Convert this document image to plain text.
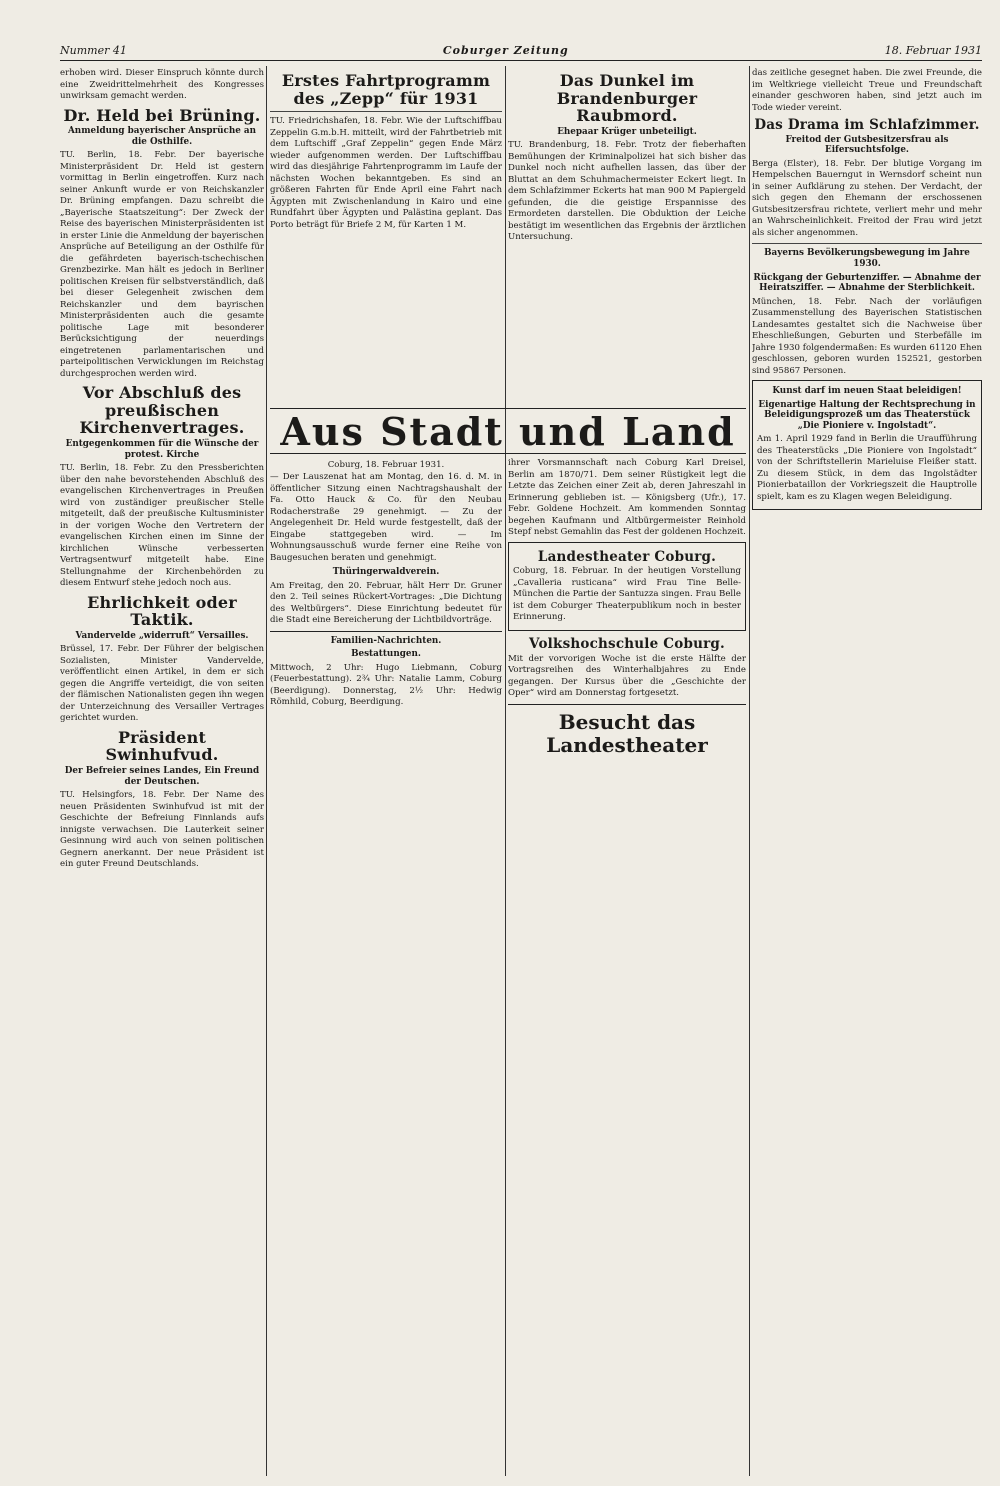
Nummer 41	Coburger Zeitung	18. Februar 1931

erhoben wird. Dieser Einspruch könnte durch eine Zweidrittelmehrheit des Kongresses unwirksam gemacht werden.

Dr. Held bei Brüning.
Anmeldung bayerischer Ansprüche an die Osthilfe.

TU. Berlin, 18. Febr. Der bayerische Ministerpräsident Dr. Held ist gestern vormittag in Berlin eingetroffen. Kurz nach seiner Ankunft wurde er von Reichskanzler Dr. Brüning empfangen. Dazu schreibt die „Bayerische Staatszeitung“: Der Zweck der Reise des bayerischen Ministerpräsidenten ist in erster Linie die Anmeldung der bayerischen Ansprüche auf Beteiligung an der Osthilfe für die gefährdeten bayerisch-tschechischen Grenzbezirke. Man hält es jedoch in Berliner politischen Kreisen für selbstverständlich, daß bei dieser Gelegenheit zwischen dem Reichskanzler und dem bayrischen Ministerpräsidenten auch die gesamte politische Lage mit besonderer Berücksichtigung der neuerdings eingetretenen parlamentarischen und parteipolitischen Verwicklungen im Reichstag durchgesprochen werden wird.

Vor Abschluß des preußischen Kirchenvertrages.
Entgegenkommen für die Wünsche der protest. Kirche

TU. Berlin, 18. Febr. Zu den Pressberichten über den nahe bevorstehenden Abschluß des evangelischen Kirchenvertrages in Preußen wird von zuständiger preußischer Stelle mitgeteilt, daß der preußische Kultusminister in der vorigen Woche den Vertretern der evangelischen Kirchen einen im Sinne der kirchlichen Wünsche verbesserten Vertragsentwurf mitgeteilt habe. Eine Stellungnahme der Kirchenbehörden zu diesem Entwurf stehe jedoch noch aus.

Ehrlichkeit oder Taktik.
Vandervelde „widerruft“ Versailles.

Brüssel, 17. Febr. Der Führer der belgischen Sozialisten, Minister Vandervelde, veröffentlicht einen Artikel, in dem er sich gegen die Angriffe verteidigt, die von seiten der flämischen Nationalisten gegen ihn wegen der Unterzeichnung des Versailler Vertrages gerichtet wurden.

Präsident Swinhufvud.
Der Befreier seines Landes, Ein Freund der Deutschen.

TU. Helsingfors, 18. Febr. Der Name des neuen Präsidenten Swinhufvud ist mit der Geschichte der Befreiung Finnlands aufs innigste verwachsen. Die Lauterkeit seiner Gesinnung wird auch von seinen politischen Gegnern anerkannt. Der neue Präsident ist ein guter Freund Deutschlands.

Erstes Fahrtprogramm des „Zepp“ für 1931

TU. Friedrichshafen, 18. Febr. Wie der Luftschiffbau Zeppelin G.m.b.H. mitteilt, wird der Fahrtbetrieb mit dem Luftschiff „Graf Zeppelin“ gegen Ende März wieder aufgenommen werden. Der Luftschiffbau wird das diesjährige Fahrtenprogramm im Laufe der nächsten Wochen bekanntgeben. Es sind an größeren Fahrten für Ende April eine Fahrt nach Ägypten mit Zwischenlandung in Kairo und eine Rundfahrt über Ägypten und Palästina geplant. Das Porto beträgt für Briefe 2 M, für Karten 1 M.

Das Dunkel im Brandenburger Raubmord.
Ehepaar Krüger unbeteiligt.

TU. Brandenburg, 18. Febr. Trotz der fieberhaften Bemühungen der Kriminalpolizei hat sich bisher das Dunkel noch nicht aufhellen lassen, das über der Bluttat an dem Schuhmachermeister Eckert liegt. In dem Schlafzimmer Eckerts hat man 900 M Papiergeld gefunden, die die geistige Erspannisse des Ermordeten darstellen. Die Obduktion der Leiche bestätigt im wesentlichen das Ergebnis der ärztlichen Untersuchung.

Aus Stadt und Land
Coburg, 18. Februar 1931.

— Der Lauszenat hat am Montag, den 16. d. M. in öffentlicher Sitzung einen Nachtragshaushalt der Fa. Otto Hauck & Co. für den Neubau Rodacherstraße 29 genehmigt. — Zu der Angelegenheit Dr. Held wurde festgestellt, daß der Eingabe stattgegeben wird. — Im Wohnungsausschuß wurde ferner eine Reihe von Baugesuchen beraten und genehmigt.

Thüringerwaldverein.

Am Freitag, den 20. Februar, hält Herr Dr. Gruner den 2. Teil seines Rückert-Vortrages: „Die Dichtung des Weltbürgers“. Diese Einrichtung bedeutet für die Stadt eine Bereicherung der Lichtbildvorträge.

Familien-Nachrichten.
Bestattungen.

Mittwoch, 2 Uhr: Hugo Liebmann, Coburg (Feuerbestattung). 2¾ Uhr: Natalie Lamm, Coburg (Beerdigung). Donnerstag, 2½ Uhr: Hedwig Römhild, Coburg, Beerdigung.

ihrer Vorsmannschaft nach Coburg Karl Dreisel, Berlin am 1870/71. Dem seiner Rüstigkeit legt die Letzte das Zeichen einer Zeit ab, deren Jahreszahl in Erinnerung geblieben ist. — Königsberg (Ufr.), 17. Febr. Goldene Hochzeit. Am kommenden Sonntag begehen Kaufmann und Altbürgermeister Reinhold Stepf nebst Gemahlin das Fest der goldenen Hochzeit.

Landestheater Coburg.

Coburg, 18. Februar. In der heutigen Vorstellung „Cavalleria rusticana“ wird Frau Tine Belle-München die Partie der Santuzza singen. Frau Belle ist dem Coburger Theaterpublikum noch in bester Erinnerung.

Volkshochschule Coburg.

Mit der vorvorigen Woche ist die erste Hälfte der Vortragsreihen des Winterhalbjahres zu Ende gegangen. Der Kursus über die „Geschichte der Oper“ wird am Donnerstag fortgesetzt.

Besucht das Landestheater

das zeitliche gesegnet haben. Die zwei Freunde, die im Weltkriege vielleicht Treue und Freundschaft einander geschworen haben, sind jetzt auch im Tode wieder vereint.

Das Drama im Schlafzimmer.
Freitod der Gutsbesitzersfrau als Eifersuchtsfolge.

Berga (Elster), 18. Febr. Der blutige Vorgang im Hempelschen Bauerngut in Wernsdorf scheint nun in seiner Aufklärung zu stehen. Der Verdacht, der sich gegen den Ehemann der erschossenen Gutsbesitzersfrau richtete, verliert mehr und mehr an Wahrscheinlichkeit. Freitod der Frau wird jetzt als sicher angenommen.

Bayerns Bevölkerungsbewegung im Jahre 1930.
Rückgang der Geburtenziffer. — Abnahme der Heiratsziffer. — Abnahme der Sterblichkeit.

München, 18. Febr. Nach der vorläufigen Zusammenstellung des Bayerischen Statistischen Landesamtes gestaltet sich die Nachweise über Eheschließungen, Geburten und Sterbefälle im Jahre 1930 folgendermaßen: Es wurden 61120 Ehen geschlossen, geboren wurden 152521, gestorben sind 95867 Personen.

Kunst darf im neuen Staat beleidigen!
Eigenartige Haltung der Rechtsprechung in Beleidigungsprozeß um das Theaterstück „Die Pioniere v. Ingolstadt“.

Am 1. April 1929 fand in Berlin die Uraufführung des Theaterstücks „Die Pioniere von Ingolstadt“ von der Schriftstellerin Marieluise Fleißer statt. Zu diesem Stück, in dem das Ingolstädter Pionierbataillon der Vorkriegszeit die Hauptrolle spielt, kam es zu Klagen wegen Beleidigung.
